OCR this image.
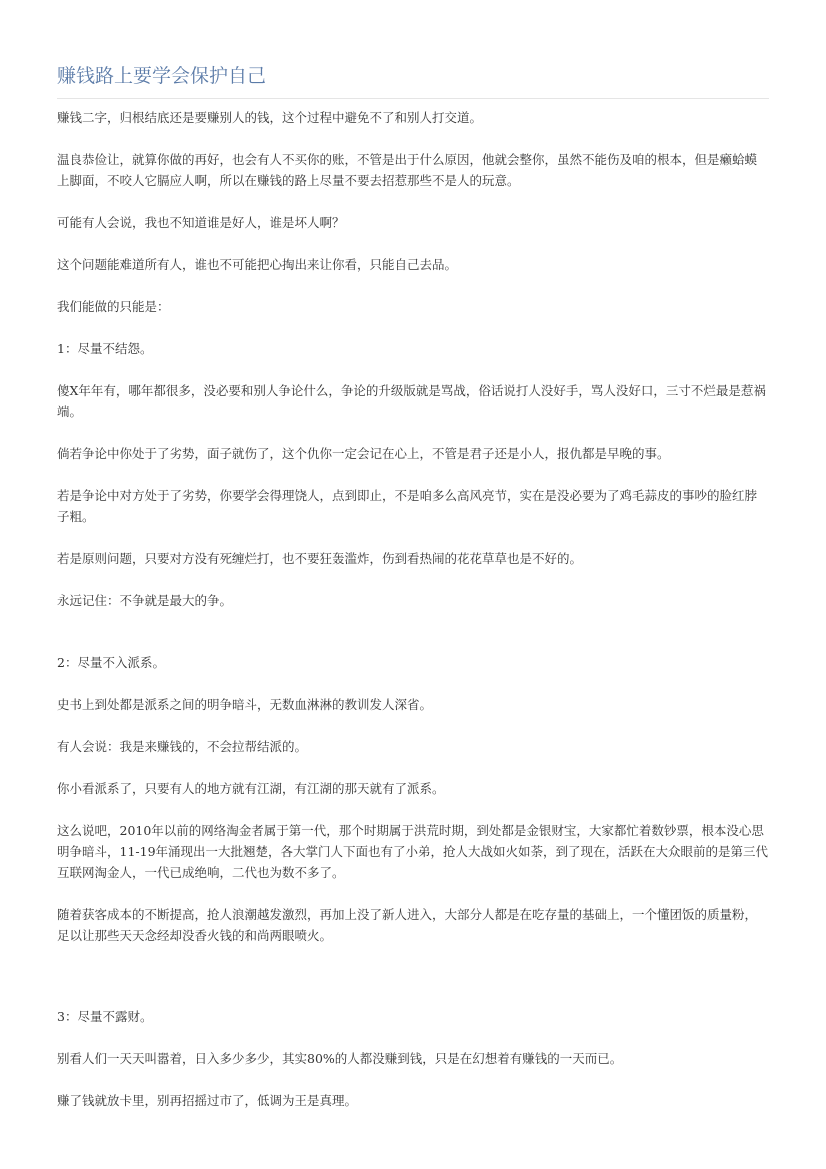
赚钱路上要学会保护自己

赚钱二字，归根结底还是要赚别人的钱，这个过程中避免不了和别人打交道。

温良恭俭让，就算你做的再好，也会有人不买你的账，不管是出于什么原因，他就会整你，虽然不能伤及咱的根本，但是癞蛤蟆上脚面，不咬人它膈应人啊，所以在赚钱的路上尽量不要去招惹那些不是人的玩意。

可能有人会说，我也不知道谁是好人，谁是坏人啊？

这个问题能难道所有人，谁也不可能把心掏出来让你看，只能自己去品。

我们能做的只能是：

1：尽量不结怨。

傻X年年有，哪年都很多，没必要和别人争论什么，争论的升级版就是骂战，俗话说打人没好手，骂人没好口，三寸不烂最是惹祸端。

倘若争论中你处于了劣势，面子就伤了，这个仇你一定会记在心上，不管是君子还是小人，报仇都是早晚的事。

若是争论中对方处于了劣势，你要学会得理饶人，点到即止，不是咱多么高风亮节，实在是没必要为了鸡毛蒜皮的事吵的脸红脖子粗。

若是原则问题，只要对方没有死缠烂打，也不要狂轰滥炸，伤到看热闹的花花草草也是不好的。

永远记住：不争就是最大的争。

2：尽量不入派系。

史书上到处都是派系之间的明争暗斗，无数血淋淋的教训发人深省。

有人会说：我是来赚钱的，不会拉帮结派的。

你小看派系了，只要有人的地方就有江湖，有江湖的那天就有了派系。

这么说吧，2010年以前的网络淘金者属于第一代，那个时期属于洪荒时期，到处都是金银财宝，大家都忙着数钞票，根本没心思明争暗斗，11-19年涌现出一大批翘楚，各大掌门人下面也有了小弟，抢人大战如火如荼，到了现在，活跃在大众眼前的是第三代互联网淘金人，一代已成绝响，二代也为数不多了。

随着获客成本的不断提高，抢人浪潮越发激烈，再加上没了新人进入，大部分人都是在吃存量的基础上，一个懂团饭的质量粉，足以让那些天天念经却没香火钱的和尚两眼喷火。

3：尽量不露财。

别看人们一天天叫嚣着，日入多少多少，其实80%的人都没赚到钱，只是在幻想着有赚钱的一天而已。

赚了钱就放卡里，别再招摇过市了，低调为王是真理。
